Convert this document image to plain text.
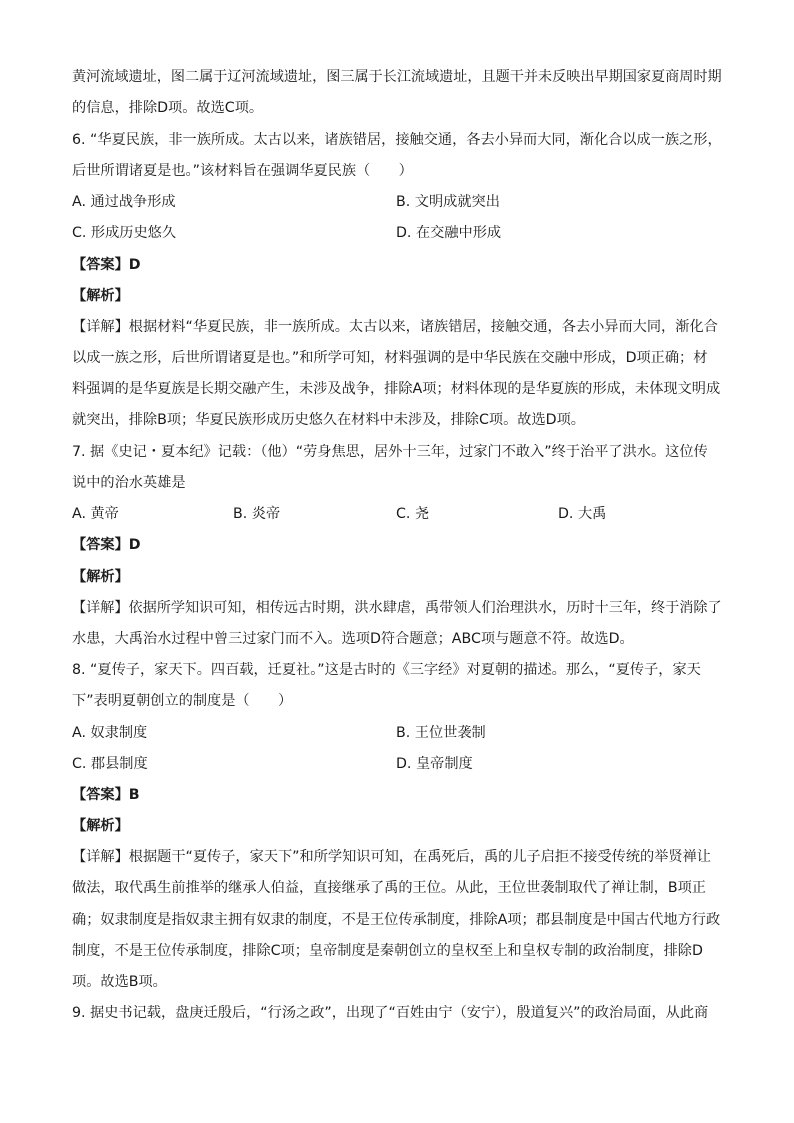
黄河流域遗址，图二属于辽河流域遗址，图三属于长江流域遗址，且题干并未反映出早期国家夏商周时期
的信息，排除D项。故选C项。
6. “华夏民族，非一族所成。太古以来，诸族错居，接触交通，各去小异而大同，渐化合以成一族之形，
后世所谓诸夏是也。”该材料旨在强调华夏民族（　　）
A. 通过战争形成	B. 文明成就突出
C. 形成历史悠久	D. 在交融中形成
【答案】D
【解析】
【详解】根据材料“华夏民族，非一族所成。太古以来，诸族错居，接触交通，各去小异而大同，渐化合
以成一族之形，后世所谓诸夏是也。”和所学可知，材料强调的是中华民族在交融中形成，D项正确；材
料强调的是华夏族是长期交融产生，未涉及战争，排除A项；材料体现的是华夏族的形成，未体现文明成
就突出，排除B项；华夏民族形成历史悠久在材料中未涉及，排除C项。故选D项。
7. 据《史记・夏本纪》记载：（他）“劳身焦思，居外十三年，过家门不敢入”终于治平了洪水。这位传
说中的治水英雄是
A. 黄帝	B. 炎帝	C. 尧	D. 大禹
【答案】D
【解析】
【详解】依据所学知识可知，相传远古时期，洪水肆虐，禹带领人们治理洪水，历时十三年，终于消除了
水患，大禹治水过程中曾三过家门而不入。选项D符合题意；ABC项与题意不符。故选D。
8. “夏传子，家天下。四百载，迁夏社。”这是古时的《三字经》对夏朝的描述。那么，“夏传子，家天
下”表明夏朝创立的制度是（　　）
A. 奴隶制度	B. 王位世袭制
C. 郡县制度	D. 皇帝制度
【答案】B
【解析】
【详解】根据题干“夏传子，家天下”和所学知识可知，在禹死后，禹的儿子启拒不接受传统的举贤禅让
做法，取代禹生前推举的继承人伯益，直接继承了禹的王位。从此，王位世袭制取代了禅让制，B项正
确；奴隶制度是指奴隶主拥有奴隶的制度，不是王位传承制度，排除A项；郡县制度是中国古代地方行政
制度，不是王位传承制度，排除C项；皇帝制度是秦朝创立的皇权至上和皇权专制的政治制度，排除D
项。故选B项。
9. 据史书记载，盘庚迁殷后，“行汤之政”，出现了“百姓由宁（安宁），殷道复兴”的政治局面，从此商
